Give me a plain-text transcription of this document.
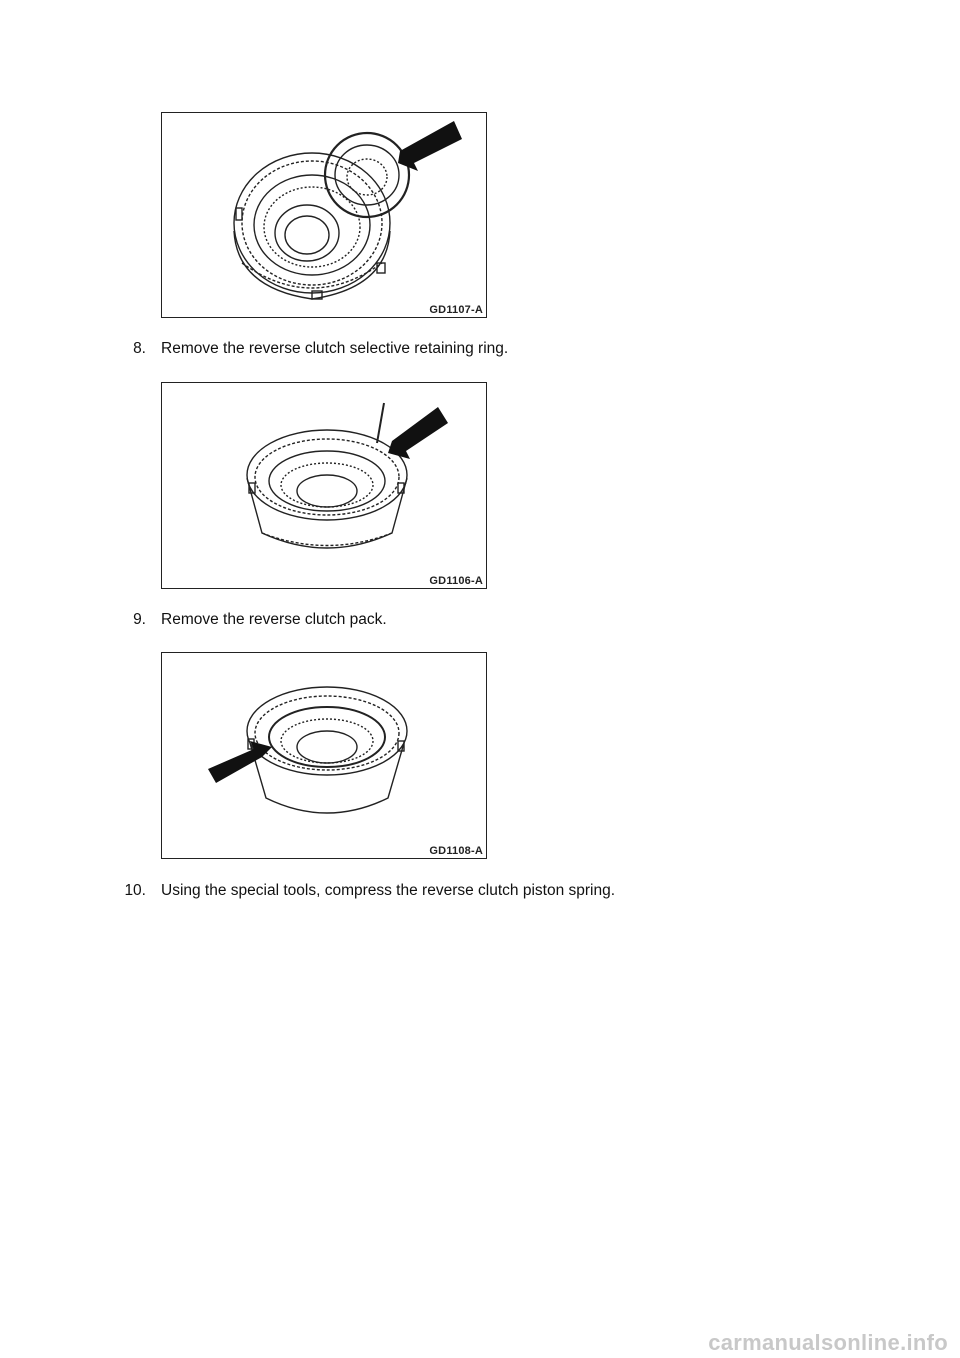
GD1107-A
8. Remove the reverse clutch selective retaining ring.
GD1106-A
9. Remove the reverse clutch pack.
GD1108-A
10. Using the special tools, compress the reverse clutch piston spring.
carmanualsonline.info
